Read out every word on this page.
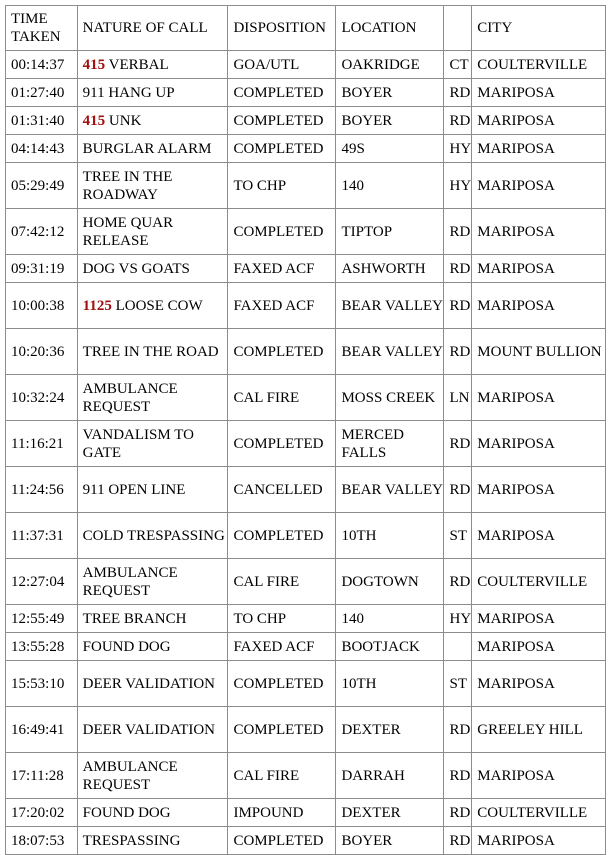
TIME TAKEN	NATURE OF CALL	DISPOSITION	LOCATION		CITY
00:14:37	415 VERBAL	GOA/UTL	OAKRIDGE	CT	COULTERVILLE
01:27:40	911 HANG UP	COMPLETED	BOYER	RD	MARIPOSA
01:31:40	415 UNK	COMPLETED	BOYER	RD	MARIPOSA
04:14:43	BURGLAR ALARM	COMPLETED	49S	HY	MARIPOSA
05:29:49	TREE IN THE ROADWAY	TO CHP	140	HY	MARIPOSA
07:42:12	HOME QUAR RELEASE	COMPLETED	TIPTOP	RD	MARIPOSA
09:31:19	DOG VS GOATS	FAXED ACF	ASHWORTH	RD	MARIPOSA
10:00:38	1125 LOOSE COW	FAXED ACF	BEAR VALLEY	RD	MARIPOSA
10:20:36	TREE IN THE ROAD	COMPLETED	BEAR VALLEY	RD	MOUNT BULLION
10:32:24	AMBULANCE REQUEST	CAL FIRE	MOSS CREEK	LN	MARIPOSA
11:16:21	VANDALISM TO GATE	COMPLETED	MERCED FALLS	RD	MARIPOSA
11:24:56	911 OPEN LINE	CANCELLED	BEAR VALLEY	RD	MARIPOSA
11:37:31	COLD TRESPASSING	COMPLETED	10TH	ST	MARIPOSA
12:27:04	AMBULANCE REQUEST	CAL FIRE	DOGTOWN	RD	COULTERVILLE
12:55:49	TREE BRANCH	TO CHP	140	HY	MARIPOSA
13:55:28	FOUND DOG	FAXED ACF	BOOTJACK		MARIPOSA
15:53:10	DEER VALIDATION	COMPLETED	10TH	ST	MARIPOSA
16:49:41	DEER VALIDATION	COMPLETED	DEXTER	RD	GREELEY HILL
17:11:28	AMBULANCE REQUEST	CAL FIRE	DARRAH	RD	MARIPOSA
17:20:02	FOUND DOG	IMPOUND	DEXTER	RD	COULTERVILLE
18:07:53	TRESPASSING	COMPLETED	BOYER	RD	MARIPOSA
